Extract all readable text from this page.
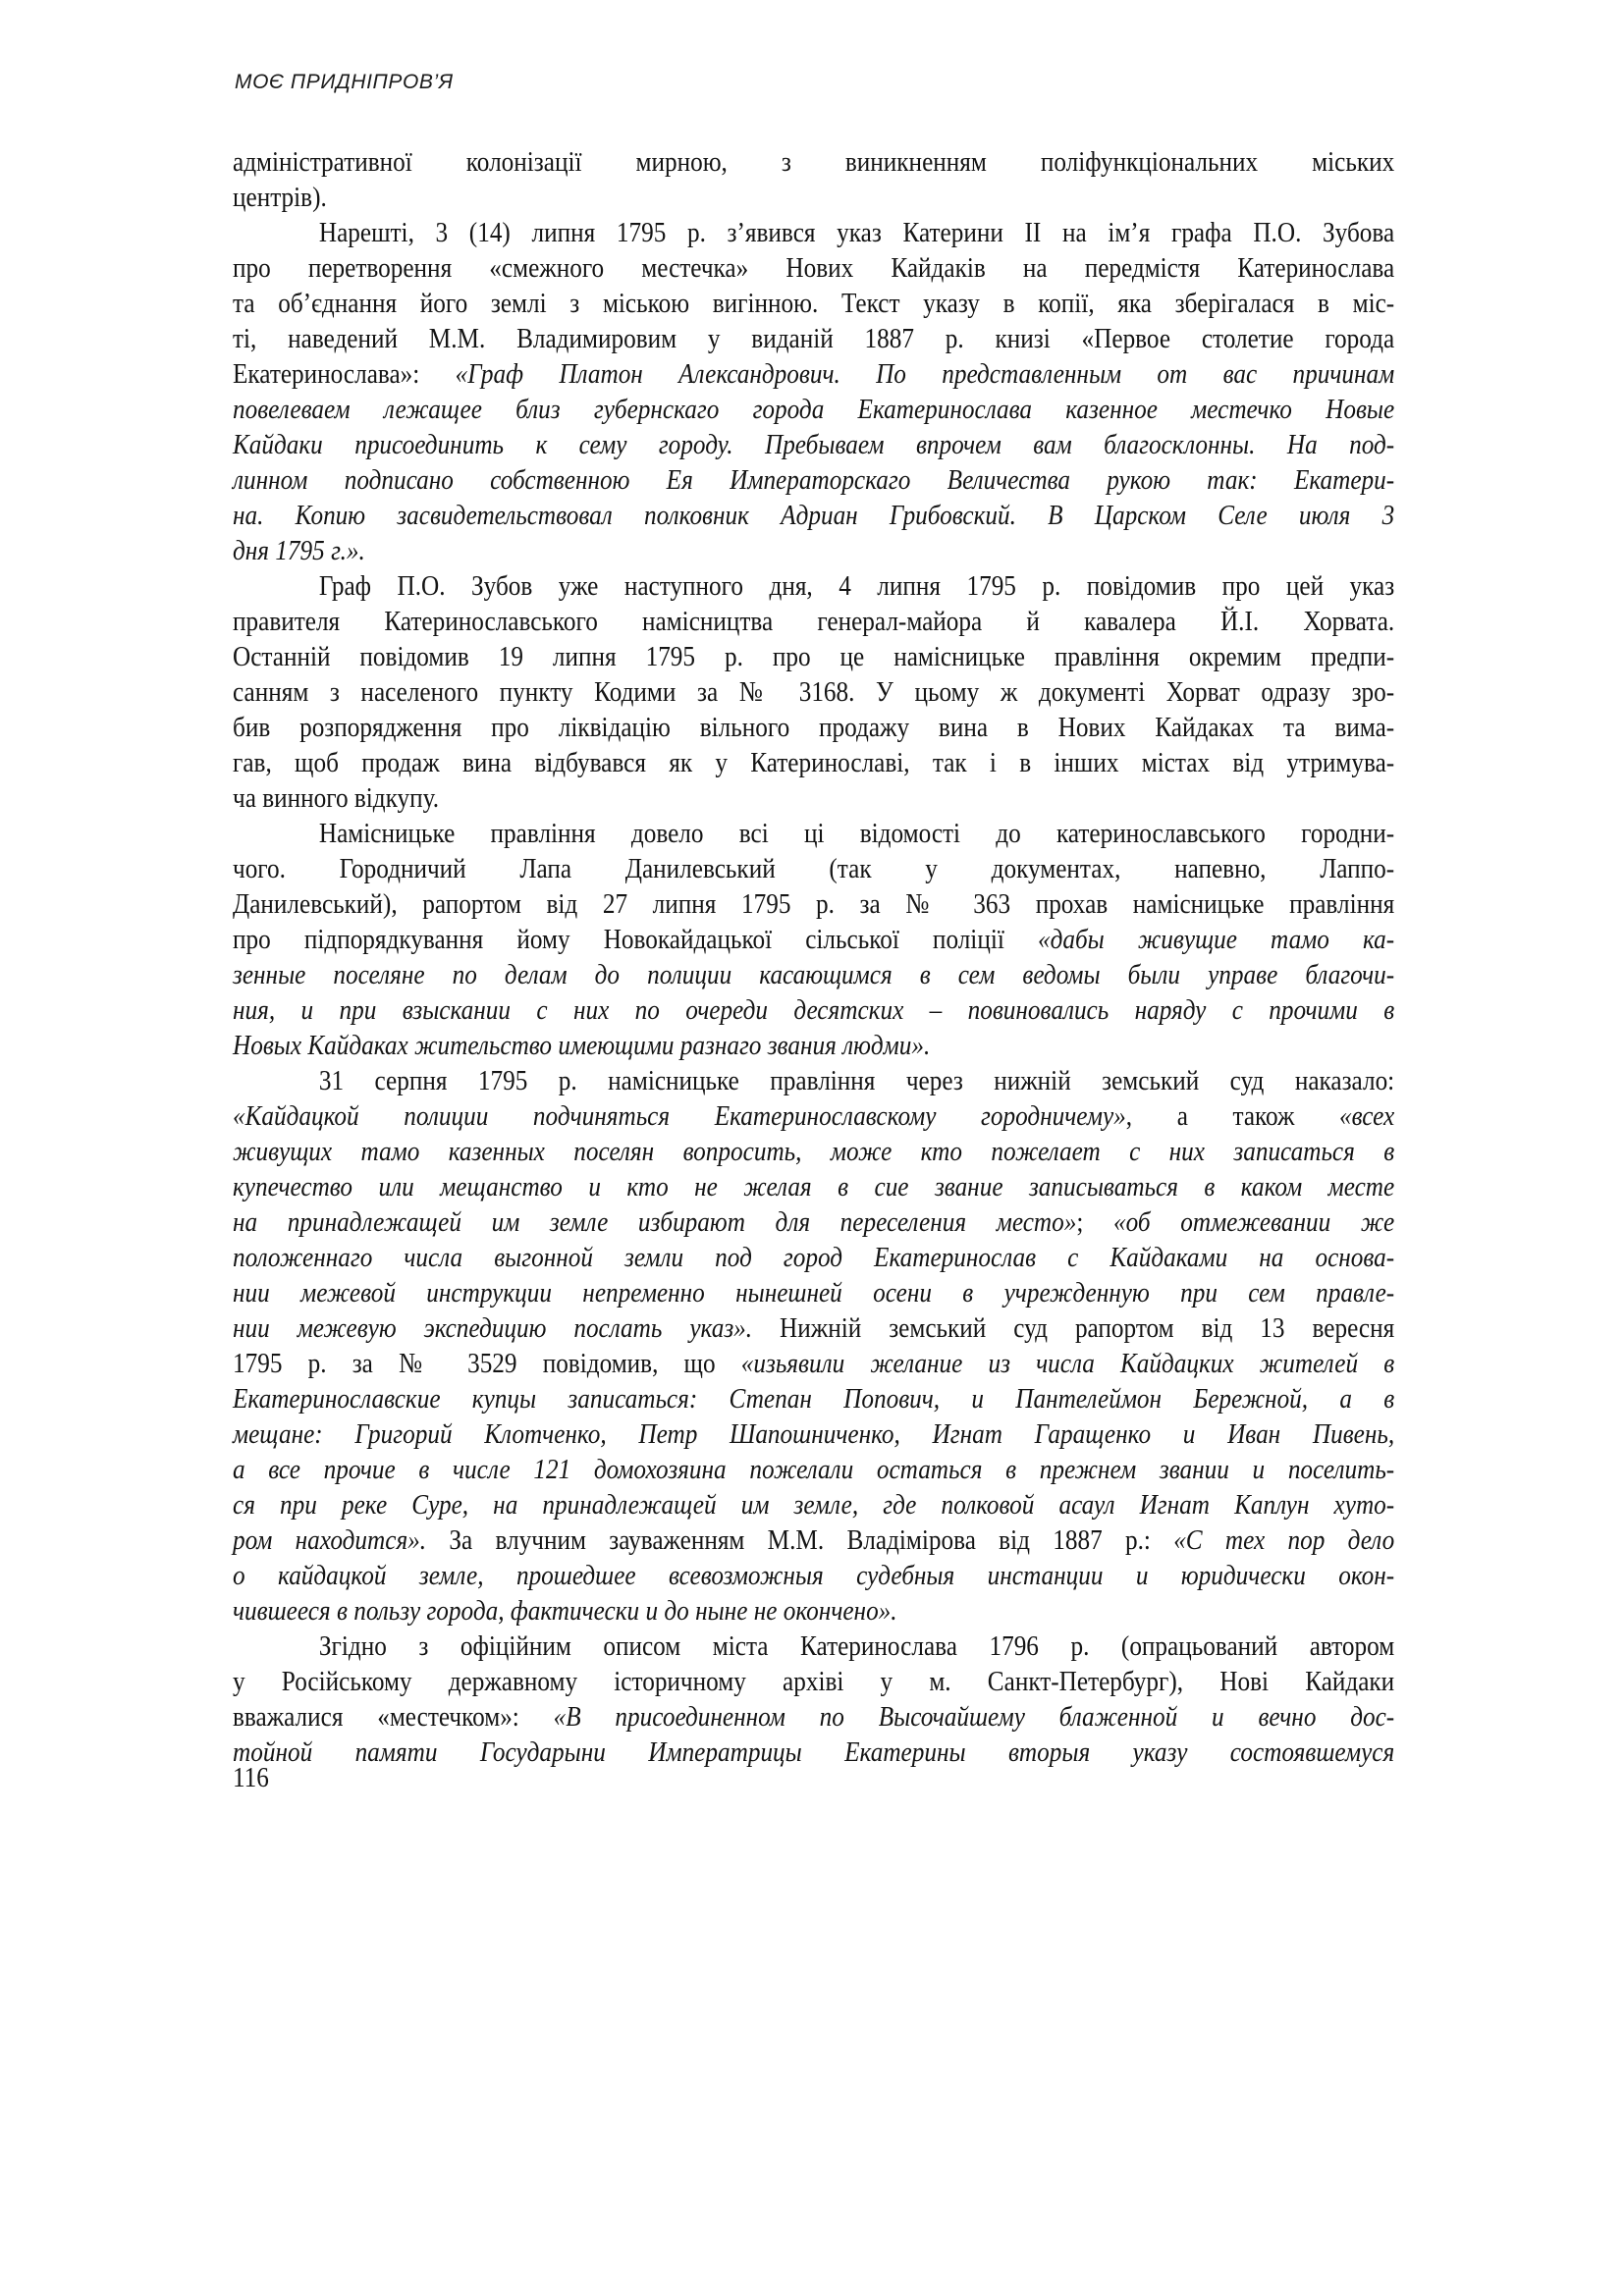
МОЄ ПРИДНІПРОВ’Я
адміністративної колонізації мирною, з виникненням поліфункціональних міських
центрів).
Нарешті, 3 (14) липня 1795 р. з’явився указ Катерини II на ім’я графа П.О. Зубова
про перетворення «смежного местечка» Нових Кайдаків на передмістя Катеринослава
та об’єднання його землі з міською вигінною. Текст указу в копії, яка зберігалася в міс-
ті, наведений М.М. Владимировим у виданій 1887 р. книзі «Первое столетие города
Екатеринослава»: «Граф Платон Александрович. По представленным от вас причинам
повелеваем лежащее близ губернскаго города Екатеринослава казенное местечко Новые
Кайдаки присоединить к сему городу. Пребываем впрочем вам благосклонны. На под-
линном подписано собственною Ея Императорскаго Величества рукою так: Екатери-
на. Копию засвидетельствовал полковник Адриан Грибовский. В Царском Селе июля 3
дня 1795 г.».
Граф П.О. Зубов уже наступного дня, 4 липня 1795 р. повідомив про цей указ
правителя Катеринославського намісництва генерал-майора й кавалера Й.І. Хорвата.
Останній повідомив 19 липня 1795 р. про це намісницьке правління окремим предпи-
санням з населеного пункту Кодими за № 3168. У цьому ж документі Хорват одразу зро-
бив розпорядження про ліквідацію вільного продажу вина в Нових Кайдаках та вима-
гав, щоб продаж вина відбувався як у Катеринославі, так і в інших містах від утримува-
ча винного відкупу.
Намісницьке правління довело всі ці відомості до катеринославського городни-
чого. Городничий Лапа Данилевський (так у документах, напевно, Лаппо-
Данилевський), рапортом від 27 липня 1795 р. за № 363 прохав намісницьке правління
про підпорядкування йому Новокайдацької сільської поліції «дабы живущие тамо ка-
зенные поселяне по делам до полиции касающимся в сем ведомы были управе благочи-
ния, и при взыскании с них по очереди десятских – повиновались наряду с прочими в
Новых Кайдаках жительство имеющими разнаго звания людми».
31 серпня 1795 р. намісницьке правління через нижній земський суд наказало:
«Кайдацкой полиции подчиняться Екатеринославскому городничему», а також «всех
живущих тамо казенных поселян вопросить, може кто пожелает с них записаться в
купечество или мещанство и кто не желая в сие звание записываться в каком месте
на принадлежащей им земле избирают для переселения место»; «об отмежевании же
положеннаго числа выгонной земли под город Екатеринослав с Кайдаками на основа-
нии межевой инструкции непременно нынешней осени в учрежденную при сем правле-
нии межевую экспедицию послать указ». Нижній земський суд рапортом від 13 вересня
1795 р. за № 3529 повідомив, що «изьявили желание из числа Кайдацких жителей в
Екатеринославские купцы записаться: Степан Попович, и Пантелеймон Бережной, а в
мещане: Григорий Клотченко, Петр Шапошниченко, Игнат Гаращенко и Иван Пивень,
а все прочие в числе 121 домохозяина пожелали остаться в прежнем звании и поселить-
ся при реке Суре, на принадлежащей им земле, где полковой асаул Игнат Каплун хуто-
ром находится». За влучним зауваженням М.М. Владімірова від 1887 р.: «С тех пор дело
о кайдацкой земле, прошедшее всевозможныя судебныя инстанции и юридически окон-
чившееся в пользу города, фактически и до ныне не окончено».
Згідно з офіційним описом міста Катеринослава 1796 р. (опрацьований автором
у Російському державному історичному архіві у м. Санкт-Петербург), Нові Кайдаки
вважалися «местечком»: «В присоединенном по Высочайшему блаженной и вечно дос-
тойной памяти Государыни Императрицы Екатерины вторыя указу состоявшемуся
116
